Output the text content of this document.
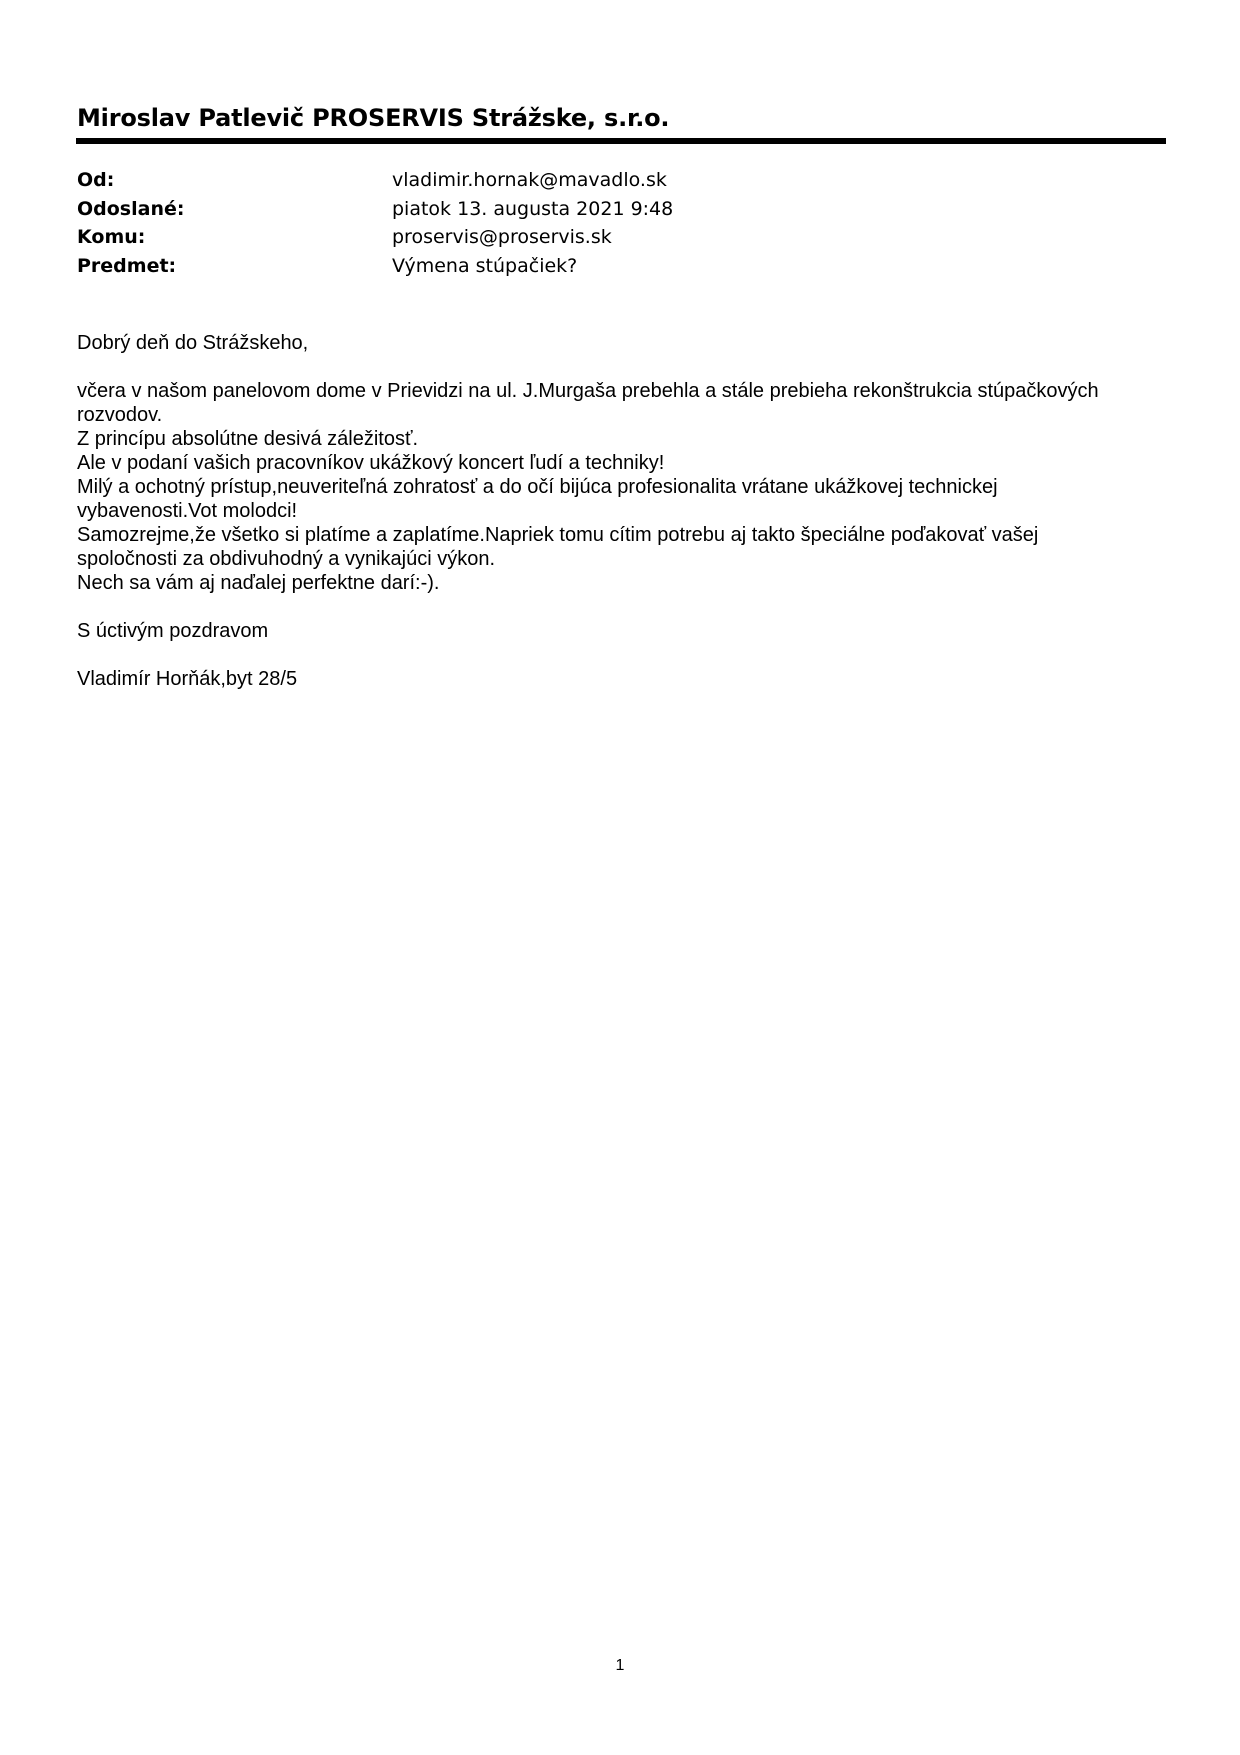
Miroslav Patlevič PROSERVIS Strážske, s.r.o.
Od:	vladimir.hornak@mavadlo.sk
Odoslané:	piatok 13. augusta 2021 9:48
Komu:	proservis@proservis.sk
Predmet:	Výmena stúpačiek?
Dobrý deň do Strážskeho,
včera v našom panelovom dome v Prievidzi na ul. J.Murgaša prebehla a stále prebieha rekonštrukcia stúpačkových
rozvodov.
Z princípu absolútne desivá záležitosť.
Ale v podaní vašich pracovníkov ukážkový koncert ľudí a techniky!
Milý a ochotný prístup,neuveriteľná zohratosť a do očí bijúca profesionalita vrátane ukážkovej technickej
vybavenosti.Vot molodci!
Samozrejme,že všetko si platíme a zaplatíme.Napriek tomu cítim potrebu aj takto špeciálne poďakovať vašej
spoločnosti za obdivuhodný a vynikajúci výkon.
Nech sa vám aj naďalej perfektne darí:-).
S úctivým pozdravom
Vladimír Horňák,byt 28/5
1
